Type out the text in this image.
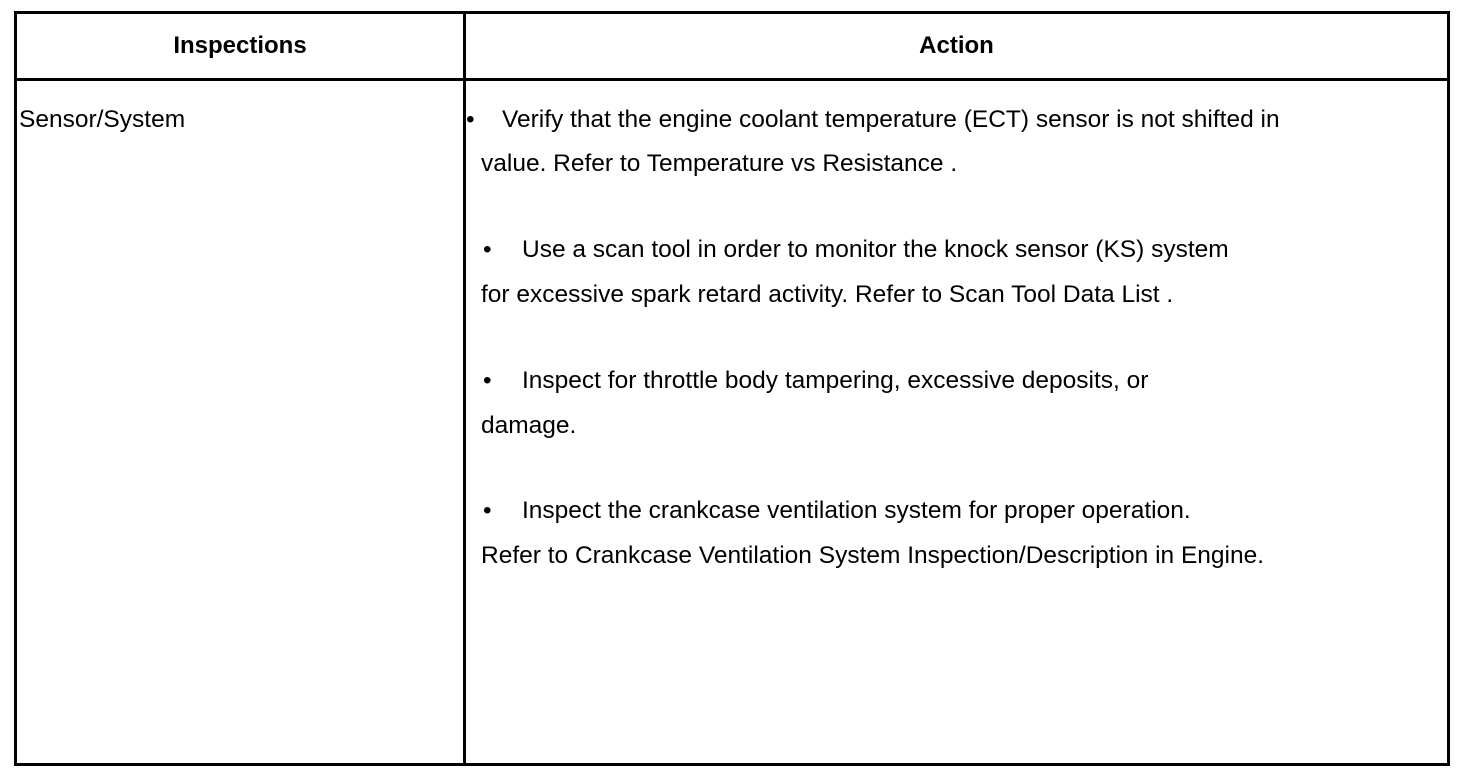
Inspections	Action
Sensor/System	• Verify that the engine coolant temperature (ECT) sensor is not shifted in
value. Refer to Temperature vs Resistance .
• Use a scan tool in order to monitor the knock sensor (KS) system
for excessive spark retard activity. Refer to Scan Tool Data List .
• Inspect for throttle body tampering, excessive deposits, or
damage.
• Inspect the crankcase ventilation system for proper operation.
Refer to Crankcase Ventilation System Inspection/Description in Engine.
